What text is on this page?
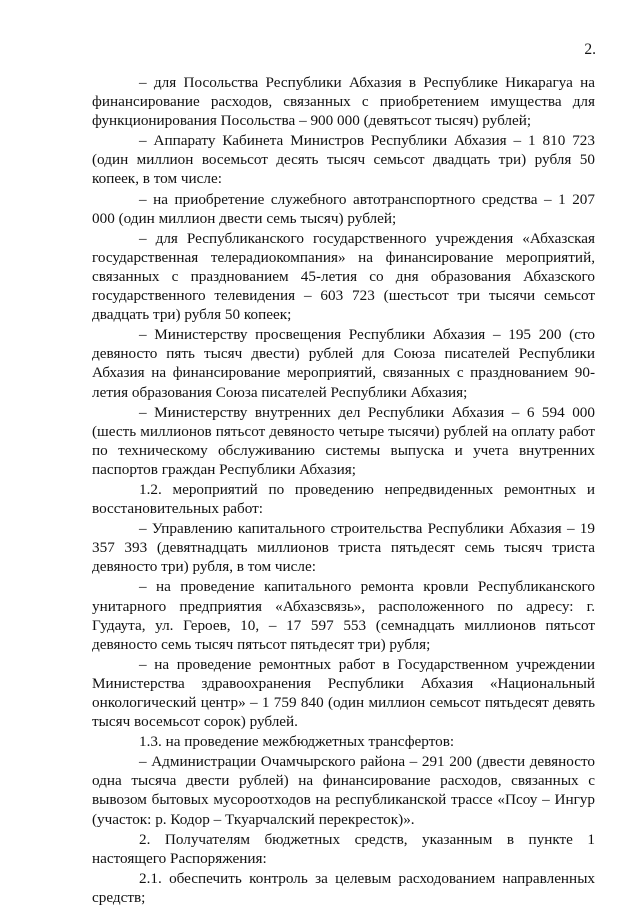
2.

– для Посольства Республики Абхазия в Республике Никарагуа на финансирование расходов, связанных с приобретением имущества для функционирования Посольства – 900 000 (девятьсот тысяч) рублей;

– Аппарату Кабинета Министров Республики Абхазия – 1 810 723 (один миллион восемьсот десять тысяч семьсот двадцать три) рубля 50 копеек, в том числе:

– на приобретение служебного автотранспортного средства – 1 207 000 (один миллион двести семь тысяч) рублей;

– для Республиканского государственного учреждения «Абхазская государственная телерадиокомпания» на финансирование мероприятий, связанных с празднованием 45-летия со дня образования Абхазского государственного телевидения – 603 723 (шестьсот три тысячи семьсот двадцать три) рубля 50 копеек;

– Министерству просвещения Республики Абхазия – 195 200 (сто девяносто пять тысяч двести) рублей для Союза писателей Республики Абхазия на финансирование мероприятий, связанных с празднованием 90-летия образования Союза писателей Республики Абхазия;

– Министерству внутренних дел Республики Абхазия – 6 594 000 (шесть миллионов пятьсот девяносто четыре тысячи) рублей на оплату работ по техническому обслуживанию системы выпуска и учета внутренних паспортов граждан Республики Абхазия;

1.2. мероприятий по проведению непредвиденных ремонтных и восстановительных работ:

– Управлению капитального строительства Республики Абхазия – 19 357 393 (девятнадцать миллионов триста пятьдесят семь тысяч триста девяносто три) рубля, в том числе:

– на проведение капитального ремонта кровли Республиканского унитарного предприятия «Абхазсвязь», расположенного по адресу: г. Гудаута, ул. Героев, 10, – 17 597 553 (семнадцать миллионов пятьсот девяносто семь тысяч пятьсот пятьдесят три) рубля;

– на проведение ремонтных работ в Государственном учреждении Министерства здравоохранения Республики Абхазия «Национальный онкологический центр» – 1 759 840 (один миллион семьсот пятьдесят девять тысяч восемьсот сорок) рублей.

1.3. на проведение межбюджетных трансфертов:

– Администрации Очамчырского района – 291 200 (двести девяносто одна тысяча двести рублей) на финансирование расходов, связанных с вывозом бытовых мусороотходов на республиканской трассе «Псоу – Ингур (участок: р. Кодор – Ткуарчалский перекресток)».

2. Получателям бюджетных средств, указанным в пункте 1 настоящего Распоряжения:

2.1. обеспечить контроль за целевым расходованием направленных средств;
